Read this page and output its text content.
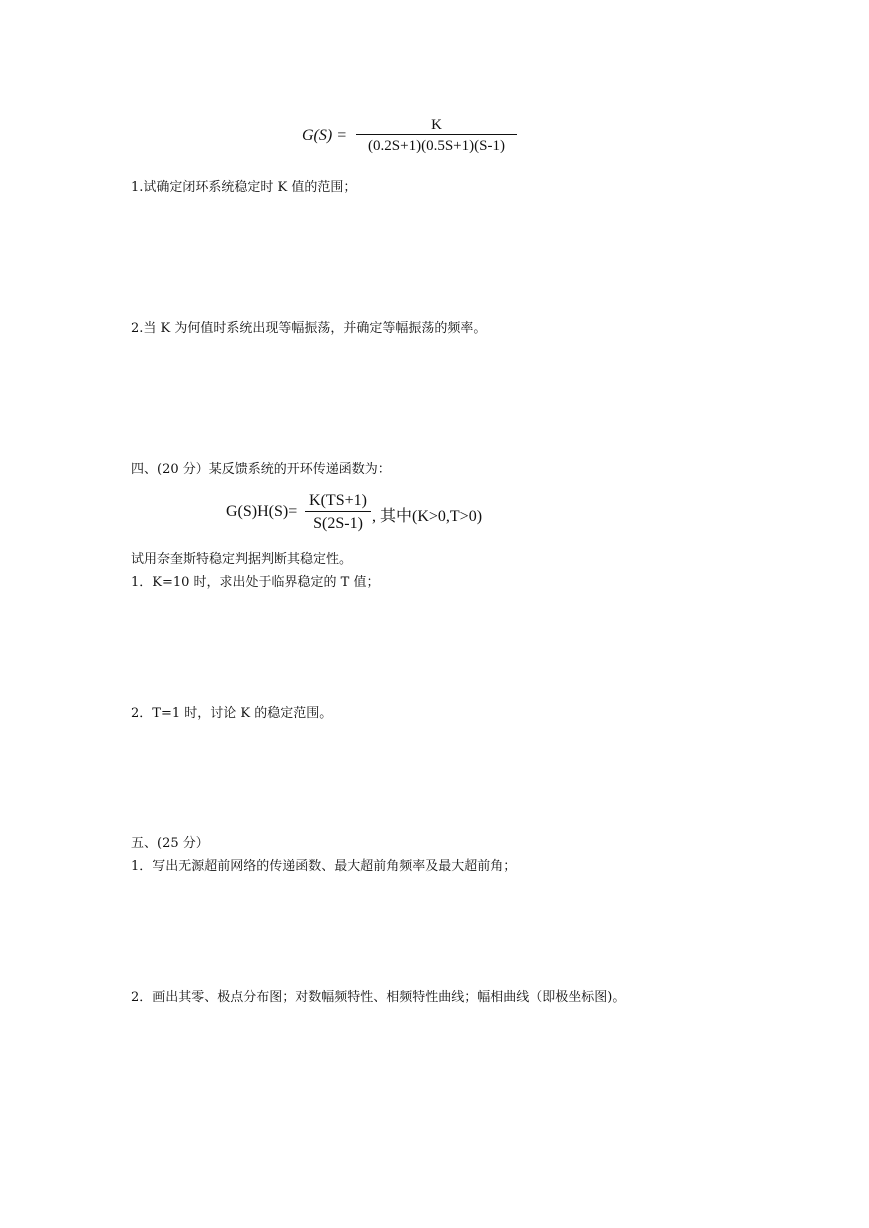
G(S) =
K
(0.2S+1)(0.5S+1)(S-1)
1.试确定闭环系统稳定时 K 值的范围；
2.当 K 为何值时系统出现等幅振荡，并确定等幅振荡的频率。
四、(20 分）某反馈系统的开环传递函数为：
G(S)H(S)=
K(TS+1)
S(2S-1) , 其中(K>0,T>0)
试用奈奎斯特稳定判据判断其稳定性。
1．K=10 时，求出处于临界稳定的 T 值；
2．T=1 时，讨论 K 的稳定范围。
五、(25 分）
1．写出无源超前网络的传递函数、最大超前角频率及最大超前角；
2．画出其零、极点分布图；对数幅频特性、相频特性曲线；幅相曲线（即极坐标图)。
